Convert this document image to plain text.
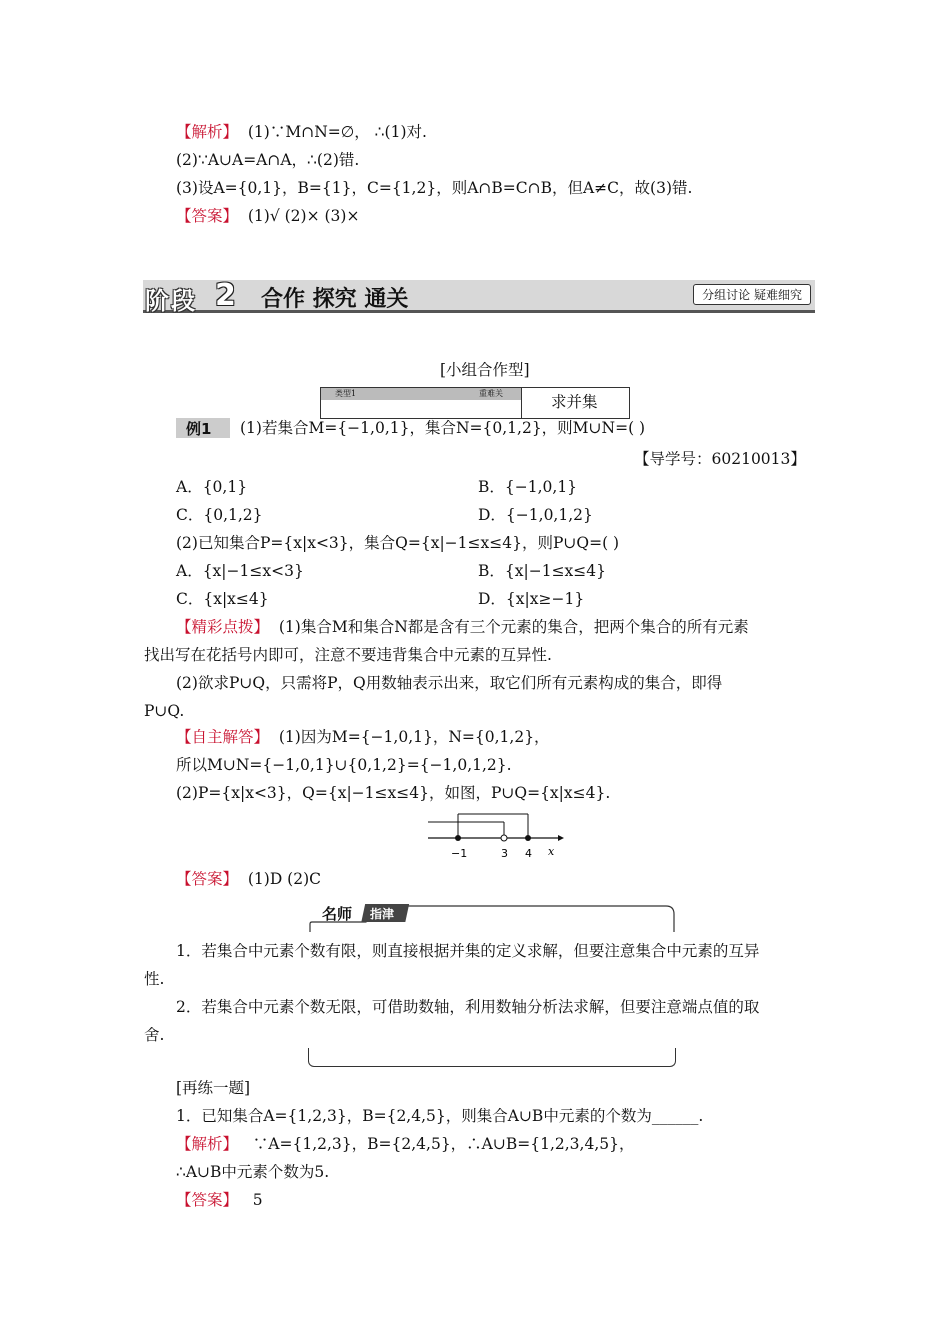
【解析】 (1)∵M∩N=∅， ∴(1)对.
(2)∵A∪A=A∩A，∴(2)错.
(3)设A={0,1}，B={1}，C={1,2}，则A∩B=C∩B，但A≠C，故(3)错.
【答案】 (1)√ (2)× (3)×
阶段 2 合作 探究 通关	分组讨论 疑难细究
[小组合作型]
类型1	重难关	求并集
例1 (1)若集合M={−1,0,1}，集合N={0,1,2}，则M∪N=( )
【导学号：60210013】
A．{0,1}	B．{−1,0,1}
C．{0,1,2}	D．{−1,0,1,2}
(2)已知集合P={x|x<3}，集合Q={x|−1≤x≤4}，则P∪Q=( )
A．{x|−1≤x<3}	B．{x|−1≤x≤4}
C．{x|x≤4}	D．{x|x≥−1}
【精彩点拨】 (1)集合M和集合N都是含有三个元素的集合，把两个集合的所有元素
找出写在花括号内即可，注意不要违背集合中元素的互异性.
(2)欲求P∪Q，只需将P，Q用数轴表示出来，取它们所有元素构成的集合，即得
P∪Q.
【自主解答】 (1)因为M={−1,0,1}，N={0,1,2}，
所以M∪N={−1,0,1}∪{0,1,2}={−1,0,1,2}.
(2)P={x|x<3}，Q={x|−1≤x≤4}，如图，P∪Q={x|x≤4}.
−1	3 4 x
【答案】 (1)D (2)C
名师 指津
1．若集合中元素个数有限，则直接根据并集的定义求解，但要注意集合中元素的互异
性.
2．若集合中元素个数无限，可借助数轴，利用数轴分析法求解，但要注意端点值的取
舍.
[再练一题]
1．已知集合A={1,2,3}，B={2,4,5}，则集合A∪B中元素的个数为______.
【解析】 ∵A={1,2,3}，B={2,4,5}，∴A∪B={1,2,3,4,5}，
∴A∪B中元素个数为5.
【答案】 5
